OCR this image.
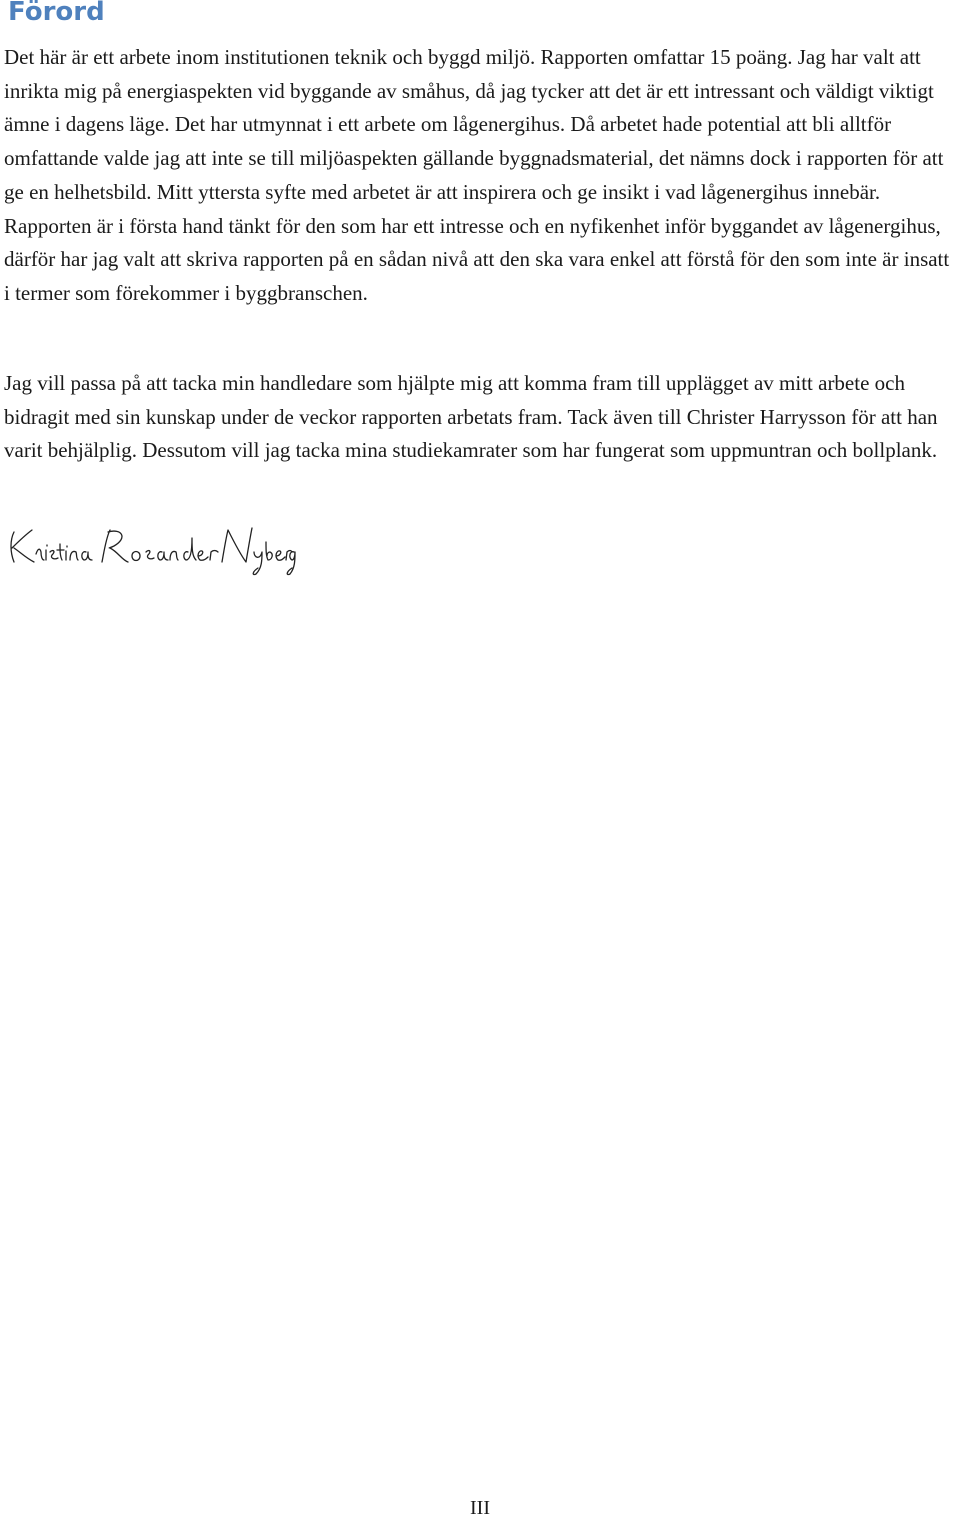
Förord

Det här är ett arbete inom institutionen teknik och byggd miljö. Rapporten omfattar 15 poäng. Jag har valt att inrikta mig på energiaspekten vid byggande av småhus, då jag tycker att det är ett intressant och väldigt viktigt ämne i dagens läge. Det har utmynnat i ett arbete om lågenergihus. Då arbetet hade potential att bli alltför omfattande valde jag att inte se till miljöaspekten gällande byggnadsmaterial, det nämns dock i rapporten för att ge en helhetsbild. Mitt yttersta syfte med arbetet är att inspirera och ge insikt i vad lågenergihus innebär. Rapporten är i första hand tänkt för den som har ett intresse och en nyfikenhet inför byggandet av lågenergihus, därför har jag valt att skriva rapporten på en sådan nivå att den ska vara enkel att förstå för den som inte är insatt i termer som förekommer i byggbranschen.

Jag vill passa på att tacka min handledare som hjälpte mig att komma fram till upplägget av mitt arbete och bidragit med sin kunskap under de veckor rapporten arbetats fram. Tack även till Christer Harrysson för att han varit behjälplig. Dessutom vill jag tacka mina studiekamrater som har fungerat som uppmuntran och bollplank.

III
